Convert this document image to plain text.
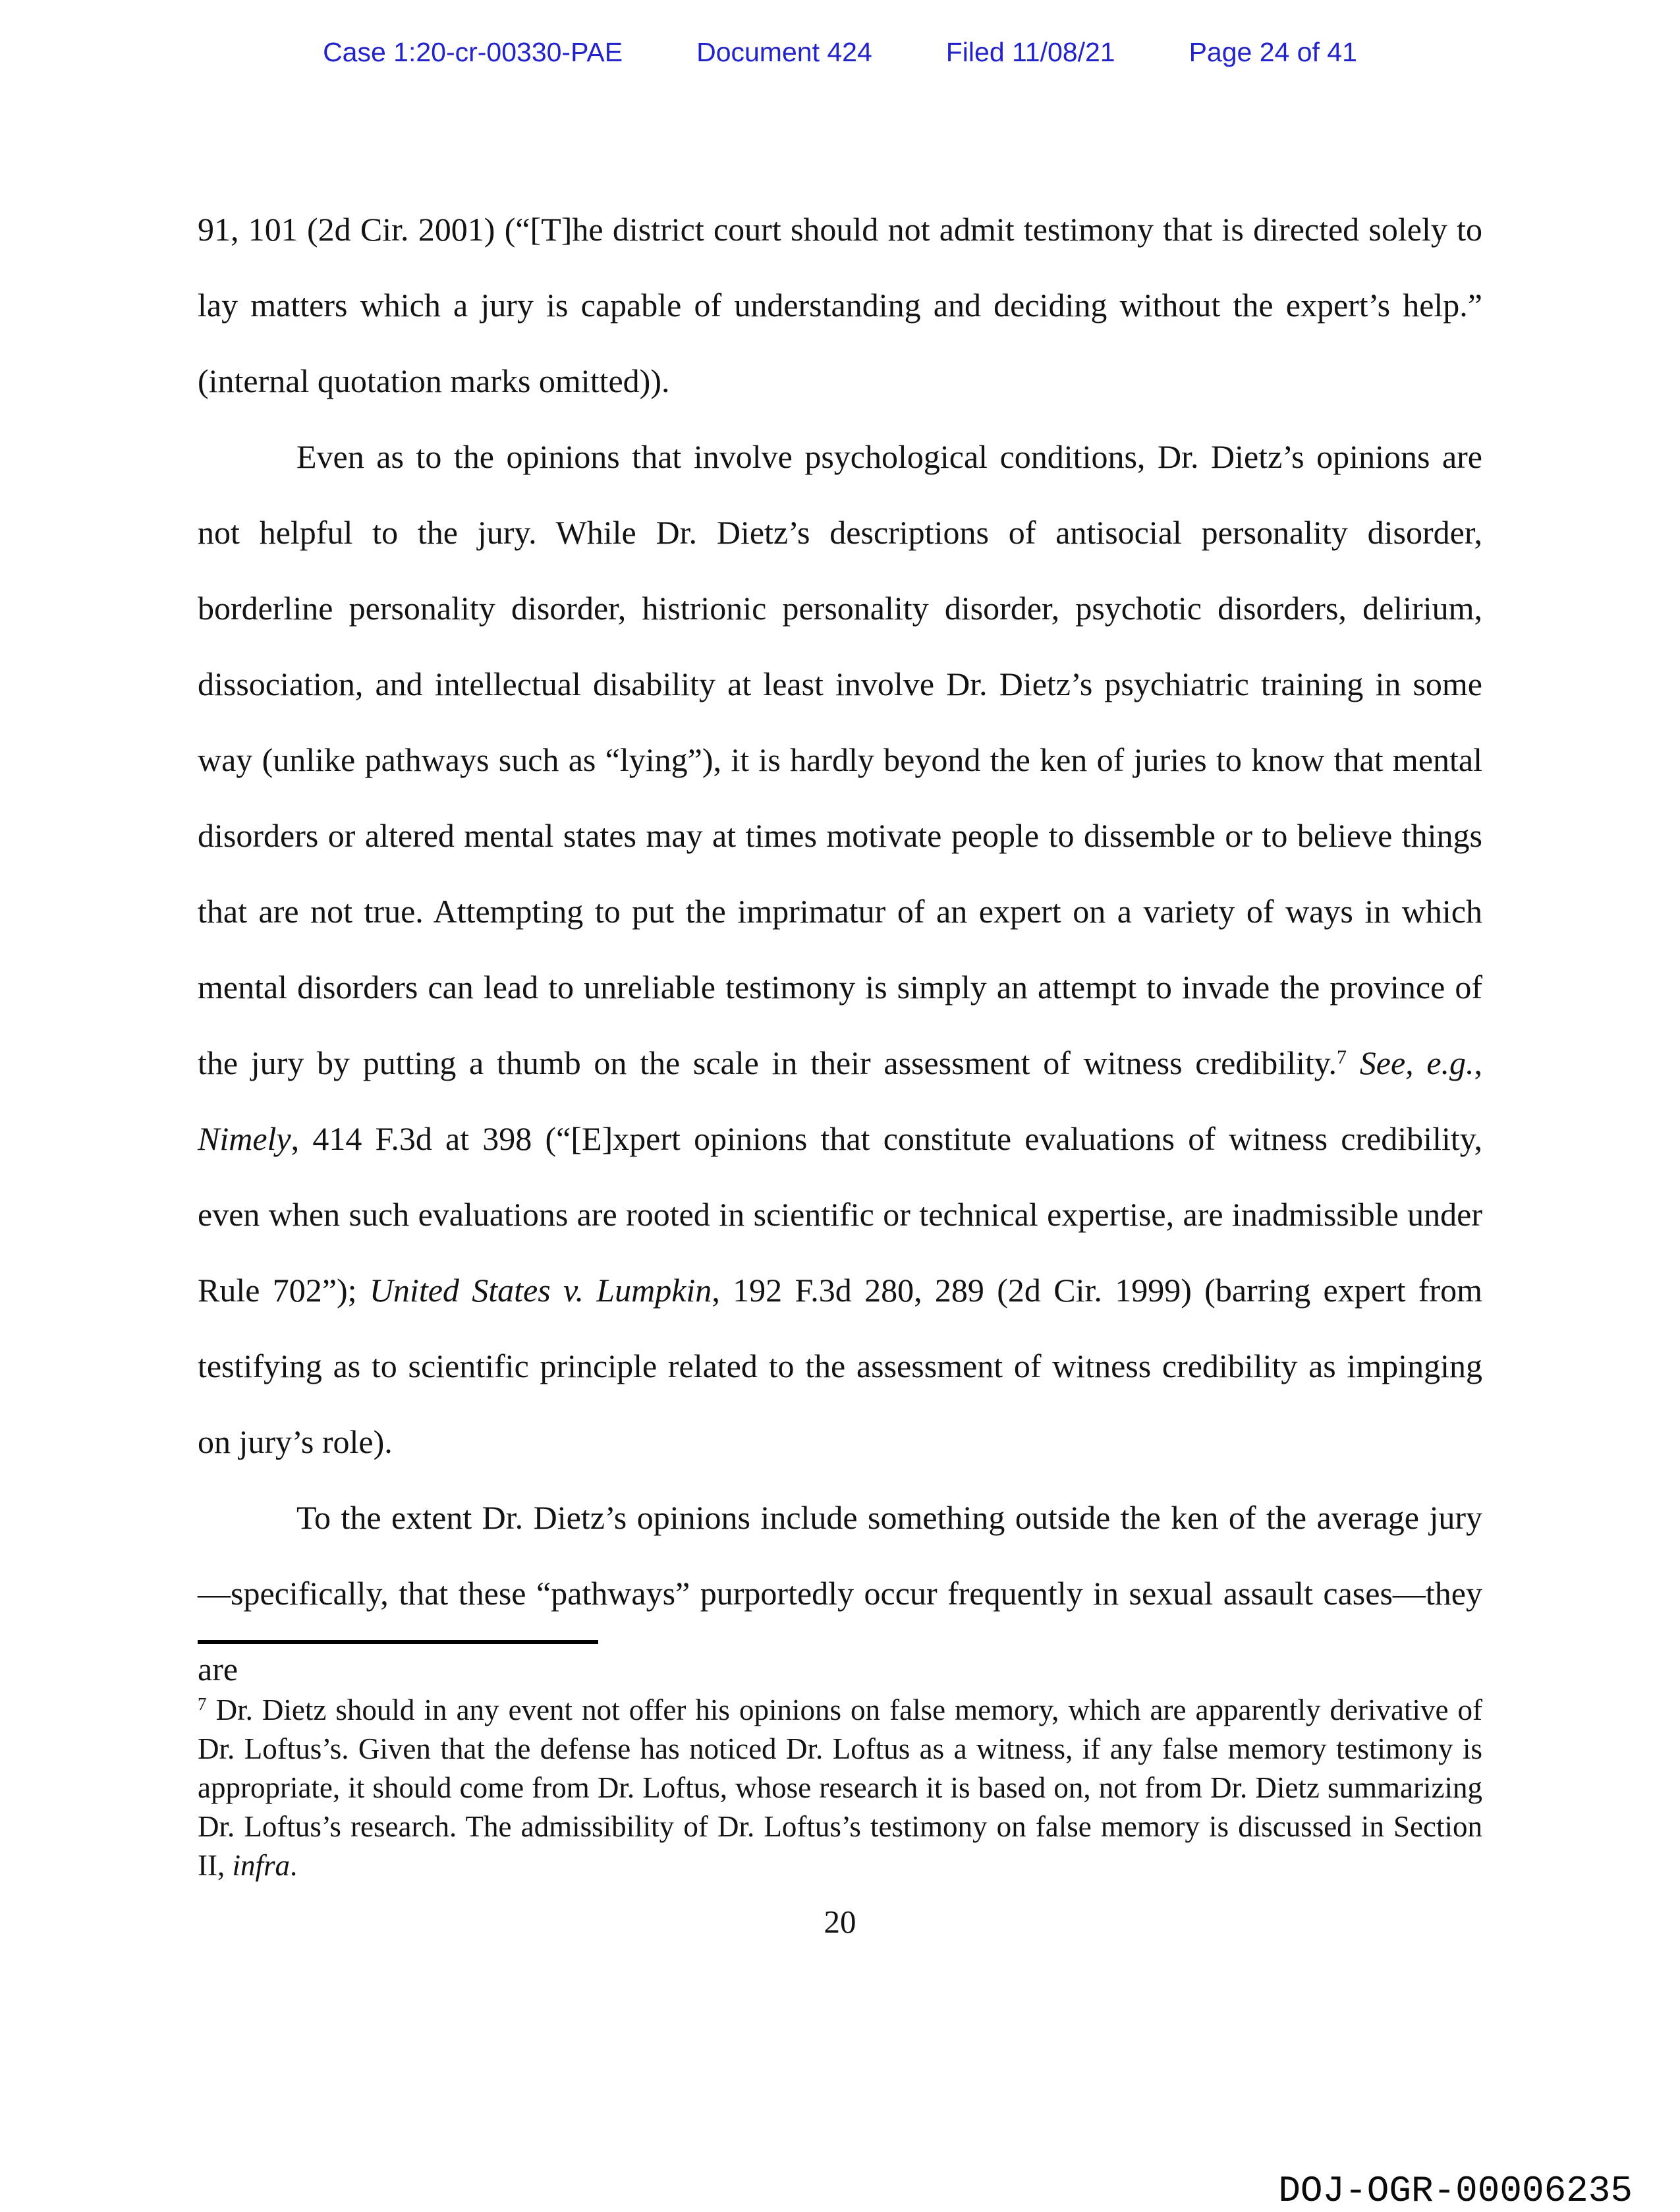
Case 1:20-cr-00330-PAE	Document 424	Filed 11/08/21	Page 24 of 41

91, 101 (2d Cir. 2001) (“[T]he district court should not admit testimony that is directed solely to lay matters which a jury is capable of understanding and deciding without the expert’s help.” (internal quotation marks omitted)).

Even as to the opinions that involve psychological conditions, Dr. Dietz’s opinions are not helpful to the jury. While Dr. Dietz’s descriptions of antisocial personality disorder, borderline personality disorder, histrionic personality disorder, psychotic disorders, delirium, dissociation, and intellectual disability at least involve Dr. Dietz’s psychiatric training in some way (unlike pathways such as “lying”), it is hardly beyond the ken of juries to know that mental disorders or altered mental states may at times motivate people to dissemble or to believe things that are not true. Attempting to put the imprimatur of an expert on a variety of ways in which mental disorders can lead to unreliable testimony is simply an attempt to invade the province of the jury by putting a thumb on the scale in their assessment of witness credibility.$^7$ See, e.g., Nimely, 414 F.3d at 398 (“[E]xpert opinions that constitute evaluations of witness credibility, even when such evaluations are rooted in scientific or technical expertise, are inadmissible under Rule 702”); United States v. Lumpkin, 192 F.3d 280, 289 (2d Cir. 1999) (barring expert from testifying as to scientific principle related to the assessment of witness credibility as impinging on jury’s role).

To the extent Dr. Dietz’s opinions include something outside the ken of the average jury—specifically, that these “pathways” purportedly occur frequently in sexual assault cases—they are

$^7$ Dr. Dietz should in any event not offer his opinions on false memory, which are apparently derivative of Dr. Loftus’s. Given that the defense has noticed Dr. Loftus as a witness, if any false memory testimony is appropriate, it should come from Dr. Loftus, whose research it is based on, not from Dr. Dietz summarizing Dr. Loftus’s research. The admissibility of Dr. Loftus’s testimony on false memory is discussed in Section II, infra.
20
DOJ-OGR-00006235
